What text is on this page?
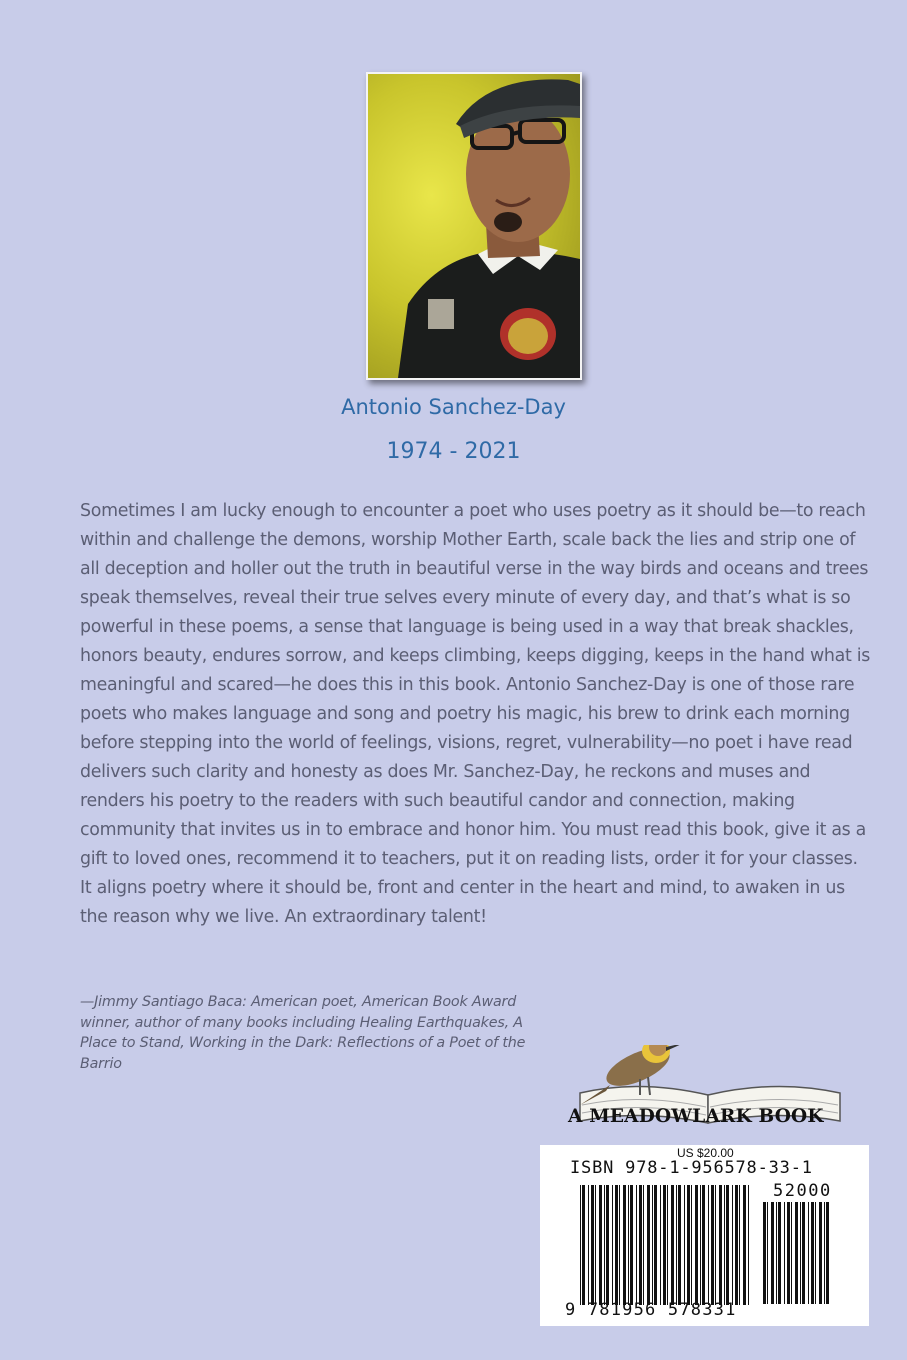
Antonio Sanchez-Day
1974 - 2021
Sometimes I am lucky enough to encounter a poet who uses poetry as it should be—to reach within and challenge the demons, worship Mother Earth, scale back the lies and strip one of all deception and holler out the truth in beautiful verse in the way birds and oceans and trees speak themselves, reveal their true selves every minute of every day, and that’s what is so powerful in these poems, a sense that language is being used in a way that break shackles, honors beauty, endures sorrow, and keeps climbing, keeps digging, keeps in the hand what is meaningful and scared—he does this in this book. Antonio Sanchez-Day is one of those rare poets who makes language and song and poetry his magic, his brew to drink each morning before stepping into the world of feelings, visions, regret, vulnerability—no poet i have read delivers such clarity and honesty as does Mr. Sanchez-Day, he reckons and muses and renders his poetry to the readers with such beautiful candor and connection, making community that invites us in to embrace and honor him. You must read this book, give it as a gift to loved ones, recommend it to teachers, put it on reading lists, order it for your classes. It aligns poetry where it should be, front and center in the heart and mind, to awaken in us the reason why we live. An extraordinary talent!
—Jimmy Santiago Baca: American poet, American Book Award winner, author of many books including Healing Earthquakes, A Place to Stand, Working in the Dark: Reflections of a Poet of the Barrio
A MEADOWLARK BOOK
US $20.00
ISBN 978-1-956578-33-1
52000
9 781956 578331
